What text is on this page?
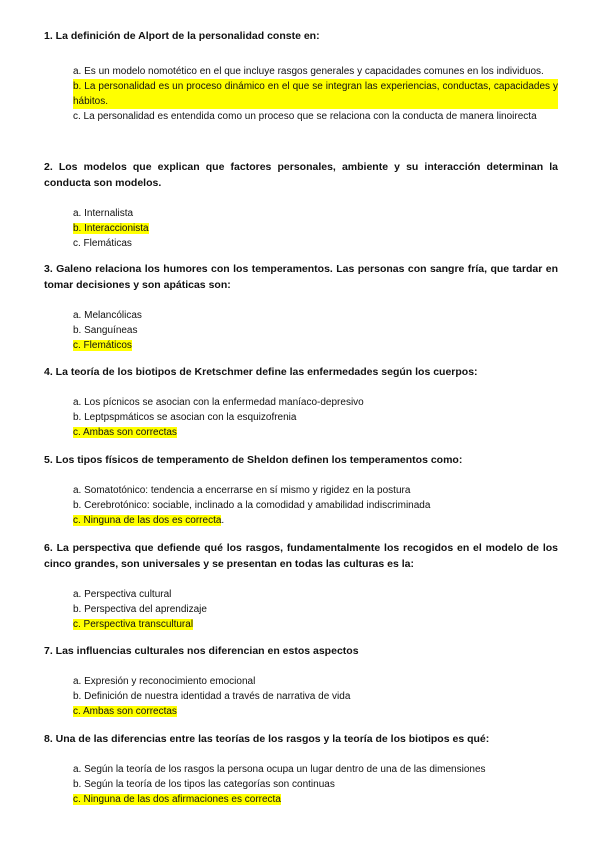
1. La definición de Alport de la personalidad conste en:

a. Es un modelo nomotético en el que incluye rasgos generales y capacidades comunes en los individuos.

b. La personalidad es un proceso dinámico en el que se integran las experiencias, conductas, capacidades y hábitos.

c. La personalidad es entendida como un proceso que se relaciona con la conducta de manera linoirecta

2. Los modelos que explican que factores personales, ambiente y su interacción determinan la conducta son modelos.

a. Internalista

b. Interaccionista

c. Flemáticas

3. Galeno relaciona los humores con los temperamentos. Las personas con sangre fría, que tardar en tomar decisiones y son apáticas son:

a. Melancólicas

b. Sanguíneas

c. Flemáticos

4. La teoría de los biotipos de Kretschmer define las enfermedades según los cuerpos:

a. Los pícnicos se asocian con la enfermedad maníaco-depresivo

b. Leptpspmáticos se asocian con la esquizofrenia

c. Ambas son correctas

5. Los tipos físicos de temperamento de Sheldon definen los temperamentos como:

a. Somatotónico: tendencia a encerrarse en sí mismo y rigidez en la postura

b. Cerebrotónico: sociable, inclinado a la comodidad y amabilidad indiscriminada

c. Ninguna de las dos es correcta.

6. La perspectiva que defiende qué los rasgos, fundamentalmente los recogidos en el modelo de los cinco grandes, son universales y se presentan en todas las culturas es la:

a. Perspectiva cultural

b. Perspectiva del aprendizaje

c. Perspectiva transcultural

7. Las influencias culturales nos diferencian en estos aspectos

a. Expresión y reconocimiento emocional

b. Definición de nuestra identidad a través de narrativa de vida

c. Ambas son correctas

8. Una de las diferencias entre las teorías de los rasgos y la teoría de los biotipos es qué:

a. Según la teoría de los rasgos la persona ocupa un lugar dentro de una de las dimensiones

b. Según la teoría de los tipos las categorías son continuas

c. Ninguna de las dos afirmaciones es correcta
